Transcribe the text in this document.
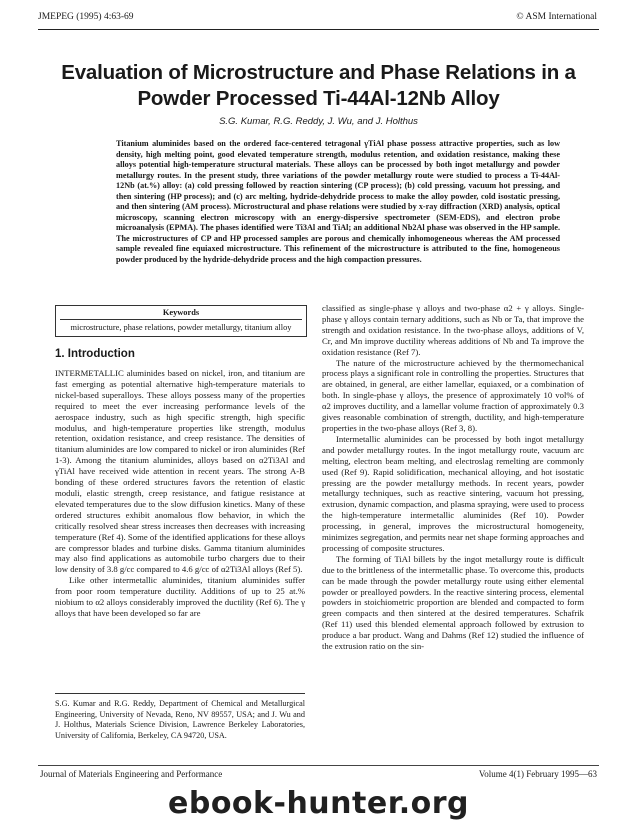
JMEPEG (1995) 4:63-69	© ASM International
Evaluation of Microstructure and Phase Relations in a Powder Processed Ti-44Al-12Nb Alloy
S.G. Kumar, R.G. Reddy, J. Wu, and J. Holthus
Titanium aluminides based on the ordered face-centered tetragonal γTiAl phase possess attractive properties, such as low density, high melting point, good elevated temperature strength, modulus retention, and oxidation resistance, making these alloys potential high-temperature structural materials. These alloys can be processed by both ingot metallurgy and powder metallurgy routes. In the present study, three variations of the powder metallurgy route were studied to process a Ti-44Al-12Nb (at.%) alloy: (a) cold pressing followed by reaction sintering (CP process); (b) cold pressing, vacuum hot pressing, and then sintering (HP process); and (c) arc melting, hydride-dehydride process to make the alloy powder, cold isostatic pressing, and then sintering (AM process). Microstructural and phase relations were studied by x-ray diffraction (XRD) analysis, optical microscopy, scanning electron microscopy with an energy-dispersive spectrometer (SEM-EDS), and electron probe microanalysis (EPMA). The phases identified were Ti3Al and TiAl; an additional Nb2Al phase was observed in the HP sample. The microstructures of CP and HP processed samples are porous and chemically inhomogeneous whereas the AM processed sample revealed fine equiaxed microstructure. This refinement of the microstructure is attributed to the fine, homogeneous powder produced by the hydride-dehydride process and the high compaction pressures.
Keywords
microstructure, phase relations, powder metallurgy, titanium alloy
1. Introduction

INTERMETALLIC aluminides based on nickel, iron, and titanium are fast emerging as potential alternative high-temperature materials to nickel-based superalloys. These alloys possess many of the properties required to meet the ever increasing performance levels of the aerospace industry, such as high specific strength, high specific modulus, and high-temperature properties like strength, modulus retention, oxidation resistance, and creep resistance. The densities of titanium aluminides are low compared to nickel or iron aluminides (Ref 1-3). Among the titanium aluminides, alloys based on α2Ti3Al and γTiAl have received wide attention in recent years. The strong A-B bonding of these ordered structures favors the retention of elastic moduli, elastic strength, creep resistance, and fatigue resistance at elevated temperatures due to the slow diffusion kinetics. Many of these ordered structures exhibit anomalous flow behavior, in which the critically resolved shear stress increases then decreases with increasing temperature (Ref 4). Some of the identified applications for these alloys are compressor blades and turbine disks. Gamma titanium aluminides may also find applications as automobile turbo chargers due to their low density of 3.8 g/cc compared to 4.6 g/cc of α2Ti3Al alloys (Ref 5).

Like other intermetallic aluminides, titanium aluminides suffer from poor room temperature ductility. Additions of up to 25 at.% niobium to α2 alloys considerably improved the ductility (Ref 6). The γ alloys that have been developed so far are

classified as single-phase γ alloys and two-phase α2 + γ alloys. Single-phase γ alloys contain ternary additions, such as Nb or Ta, that improve the strength and oxidation resistance. In the two-phase alloys, additions of V, Cr, and Mn improve ductility whereas additions of Nb and Ta improve the oxidation resistance (Ref 7).

The nature of the microstructure achieved by the thermomechanical process plays a significant role in controlling the properties. Structures that are obtained, in general, are either lamellar, equiaxed, or a combination of both. In single-phase γ alloys, the presence of approximately 10 vol% of α2 improves ductility, and a lamellar volume fraction of approximately 0.3 gives reasonable combination of strength, ductility, and high-temperature properties in the two-phase alloys (Ref 3, 8).

Intermetallic aluminides can be processed by both ingot metallurgy and powder metallurgy routes. In the ingot metallurgy route, vacuum arc melting, electron beam melting, and electroslag remelting are commonly used (Ref 9). Rapid solidification, mechanical alloying, and hot isostatic pressing are the powder metallurgy methods. In recent years, powder metallurgy techniques, such as reactive sintering, vacuum hot pressing, extrusion, dynamic compaction, and plasma spraying, were used to process the high-temperature intermetallic aluminides (Ref 10). Powder processing, in general, improves the microstructural homogeneity, minimizes segregation, and permits near net shape forming approaches and processing of composite structures.

The forming of TiAl billets by the ingot metallurgy route is difficult due to the brittleness of the intermetallic phase. To overcome this, products can be made through the powder metallurgy route using either elemental powder or prealloyed powders. In the reactive sintering process, elemental powders in stoichiometric proportion are blended and compacted to form green compacts and then sintered at the desired temperatures. Schafrik (Ref 11) used this blended elemental approach followed by extrusion to produce a bar product. Wang and Dahms (Ref 12) studied the influence of the extrusion ratio on the sin-

S.G. Kumar and R.G. Reddy, Department of Chemical and Metallurgical Engineering, University of Nevada, Reno, NV 89557, USA; and J. Wu and J. Holthus, Materials Science Division, Lawrence Berkeley Laboratories, University of California, Berkeley, CA 94720, USA.
Journal of Materials Engineering and Performance	Volume 4(1) February 1995—63
ebook-hunter.org
